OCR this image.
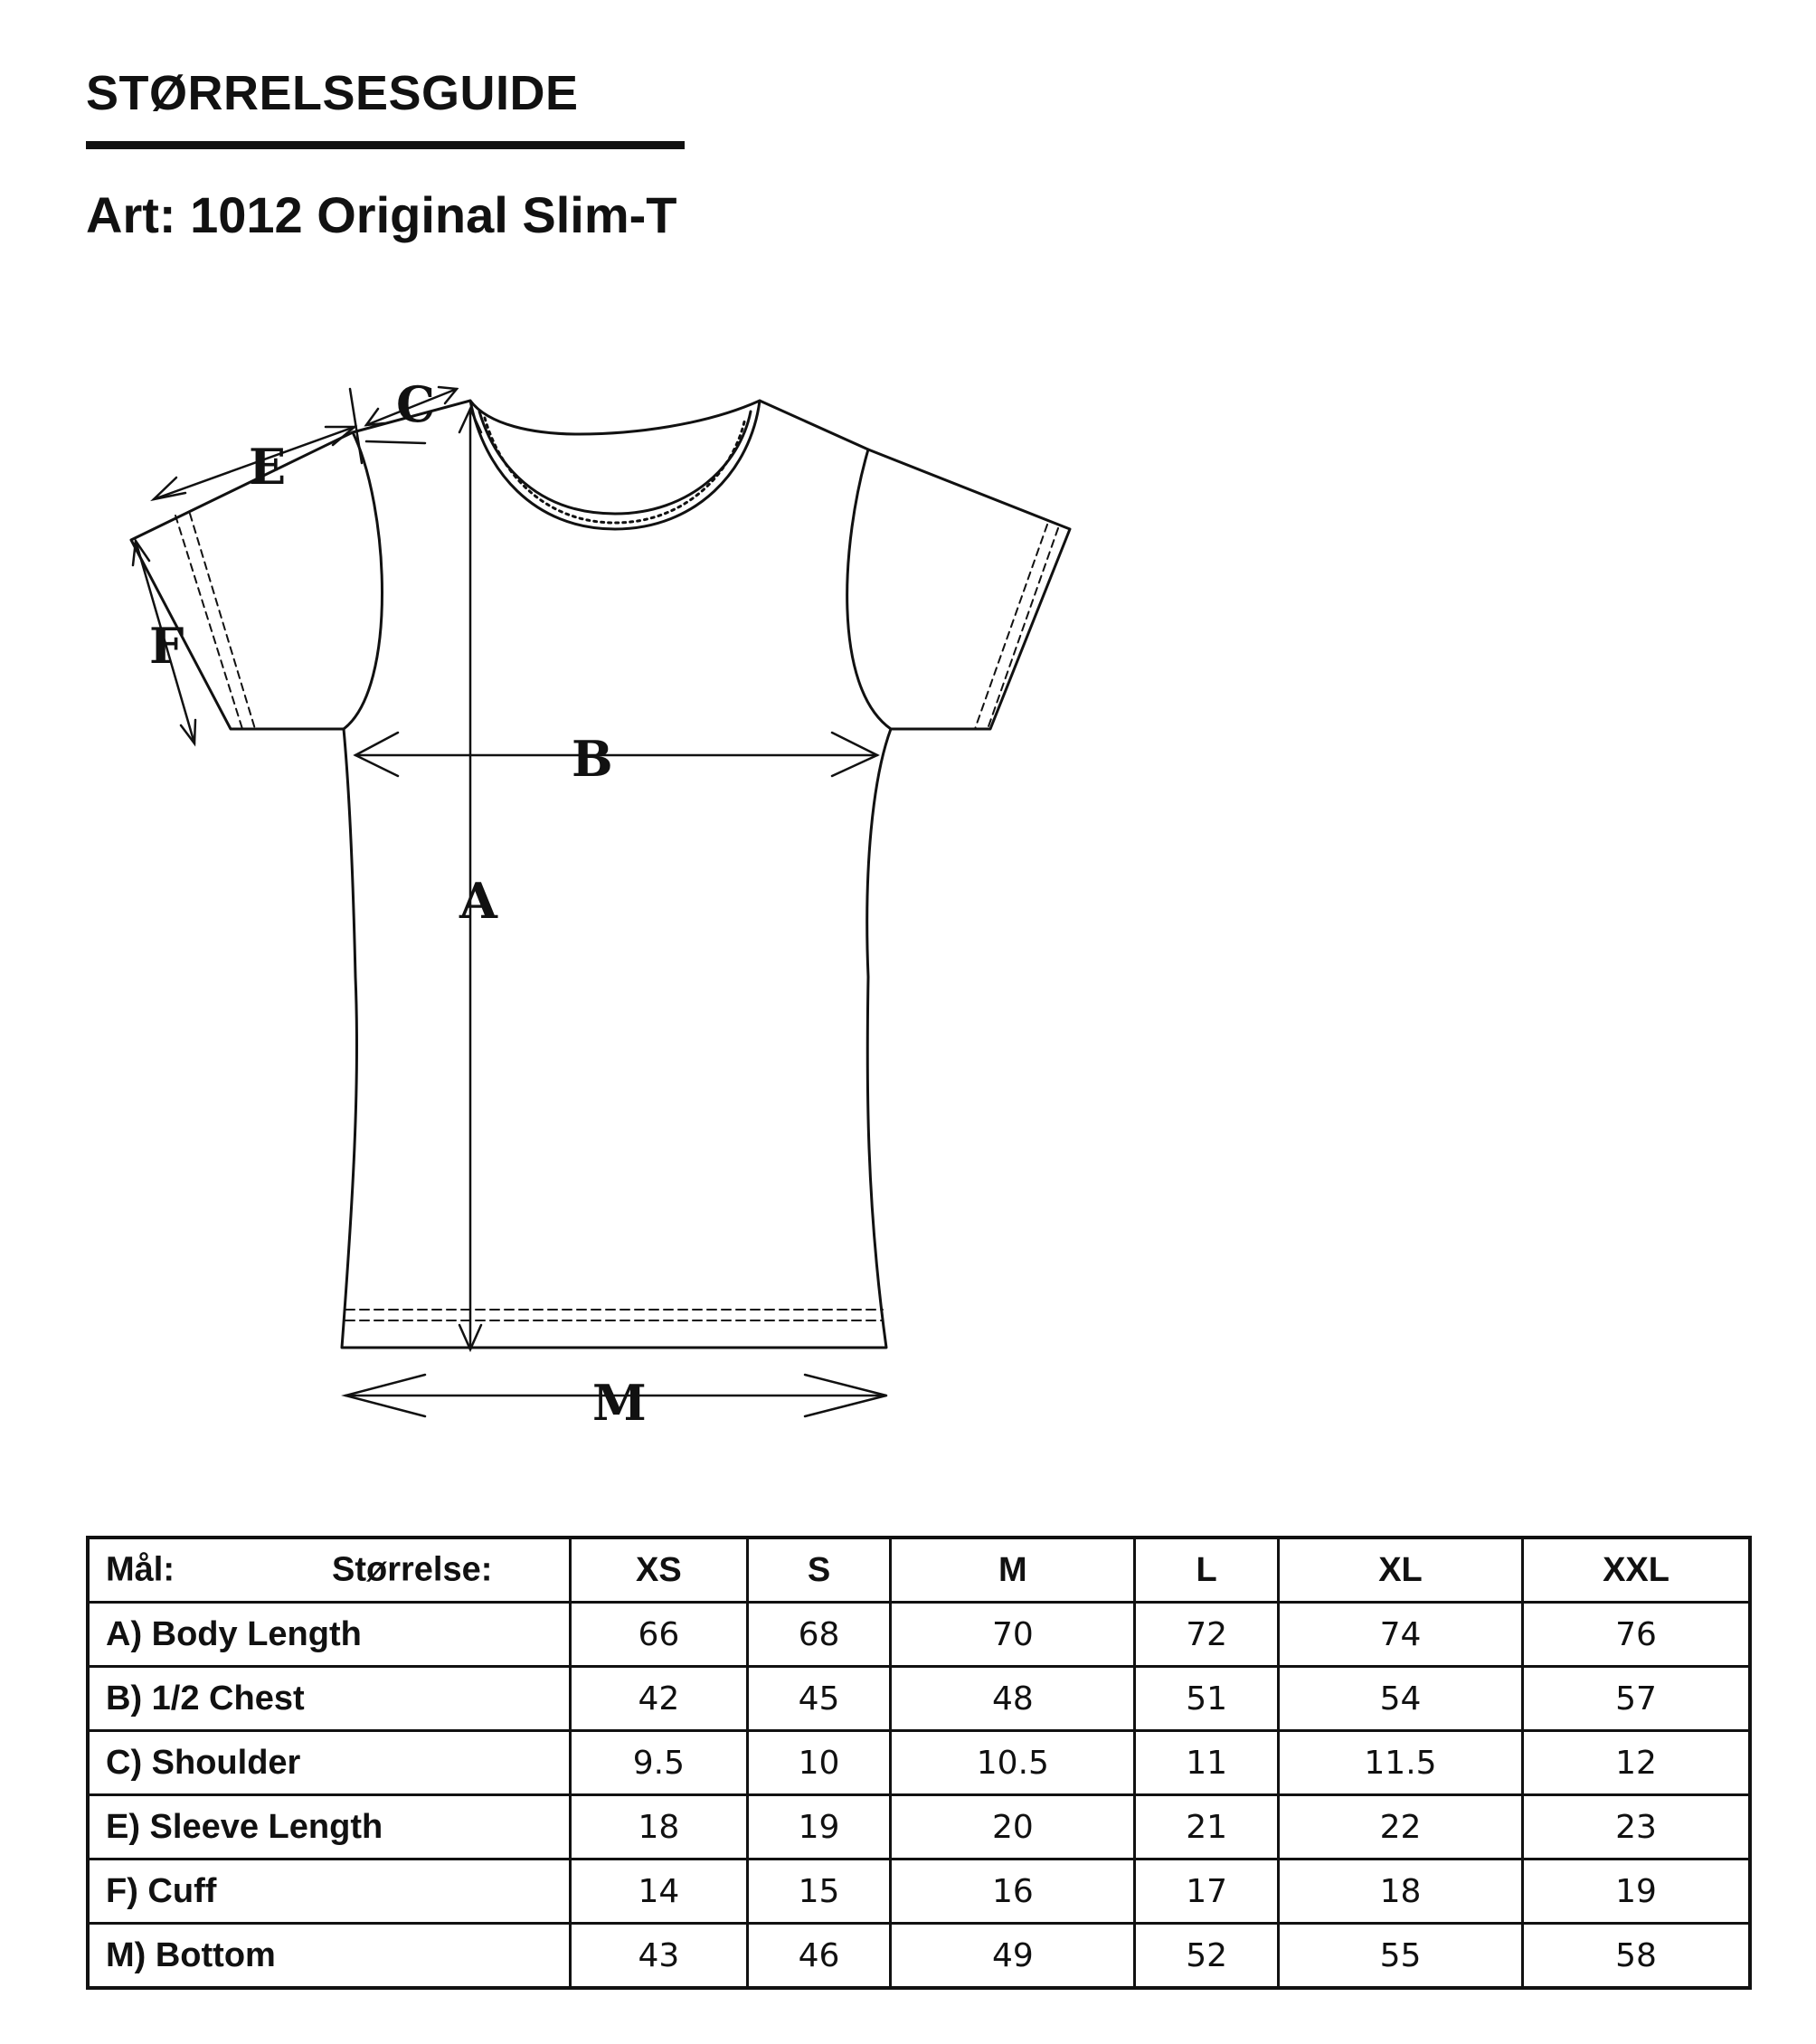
STØRRELSESGUIDE
Art: 1012 Original Slim-T
A
B
C
E
F
M
Mål: Størrelse:	XS	S	M	L	XL	XXL
A) Body Length	66	68	70	72	74	76
B) 1/2 Chest	42	45	48	51	54	57
C) Shoulder	9.5	10	10.5	11	11.5	12
E) Sleeve Length	18	19	20	21	22	23
F) Cuff	14	15	16	17	18	19
M) Bottom	43	46	49	52	55	58
